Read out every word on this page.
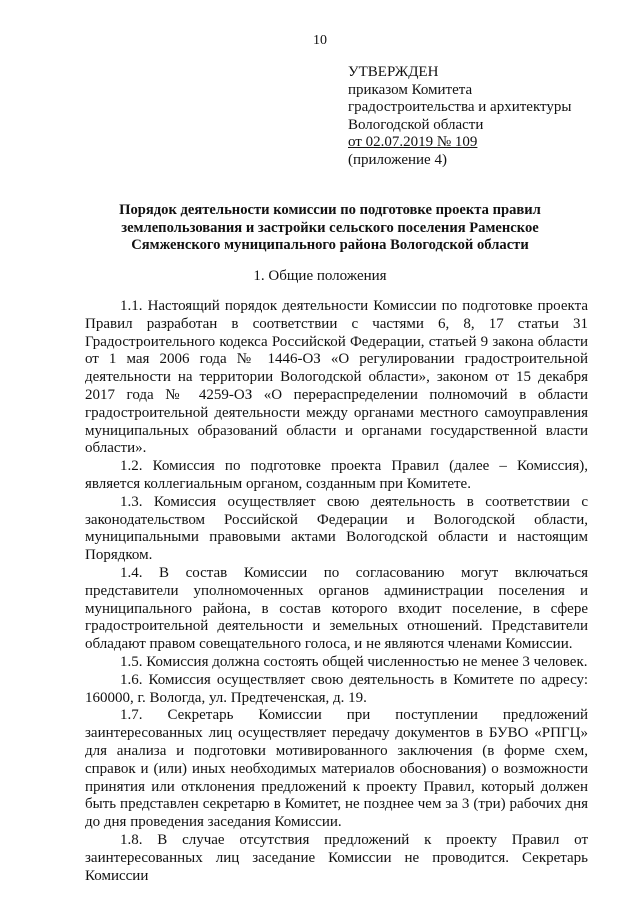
10
УТВЕРЖДЕН
приказом Комитета
градостроительства и архитектуры
Вологодской области
от 02.07.2019 № 109
(приложение 4)
Порядок деятельности комиссии по подготовке проекта правил
землепользования и застройки сельского поселения Раменское
Сямженского муниципального района Вологодской области
1. Общие положения

1.1. Настоящий порядок деятельности Комиссии по подготовке проекта Правил разработан в соответствии с частями 6, 8, 17 статьи 31 Градостроительного кодекса Российской Федерации, статьей 9 закона области от 1 мая 2006 года № 1446-ОЗ «О регулировании градостроительной деятельности на территории Вологодской области», законом от 15 декабря 2017 года № 4259-ОЗ «О перераспределении полномочий в области градостроительной деятельности между органами местного самоуправления муниципальных образований области и органами государственной власти области».

1.2. Комиссия по подготовке проекта Правил (далее – Комиссия), является коллегиальным органом, созданным при Комитете.

1.3. Комиссия осуществляет свою деятельность в соответствии с законодательством Российской Федерации и Вологодской области, муниципальными правовыми актами Вологодской области и настоящим Порядком.

1.4. В состав Комиссии по согласованию могут включаться представители уполномоченных органов администрации поселения и муниципального района, в состав которого входит поселение, в сфере градостроительной деятельности и земельных отношений. Представители обладают правом совещательного голоса, и не являются членами Комиссии.

1.5. Комиссия должна состоять общей численностью не менее 3 человек.

1.6. Комиссия осуществляет свою деятельность в Комитете по адресу: 160000, г. Вологда, ул. Предтеченская, д. 19.

1.7. Секретарь Комиссии при поступлении предложений заинтересованных лиц осуществляет передачу документов в БУВО «РПГЦ» для анализа и подготовки мотивированного заключения (в форме схем, справок и (или) иных необходимых материалов обоснования) о возможности принятия или отклонения предложений к проекту Правил, который должен быть представлен секретарю в Комитет, не позднее чем за 3 (три) рабочих дня до дня проведения заседания Комиссии.

1.8. В случае отсутствия предложений к проекту Правил от заинтересованных лиц заседание Комиссии не проводится. Секретарь Комиссии
